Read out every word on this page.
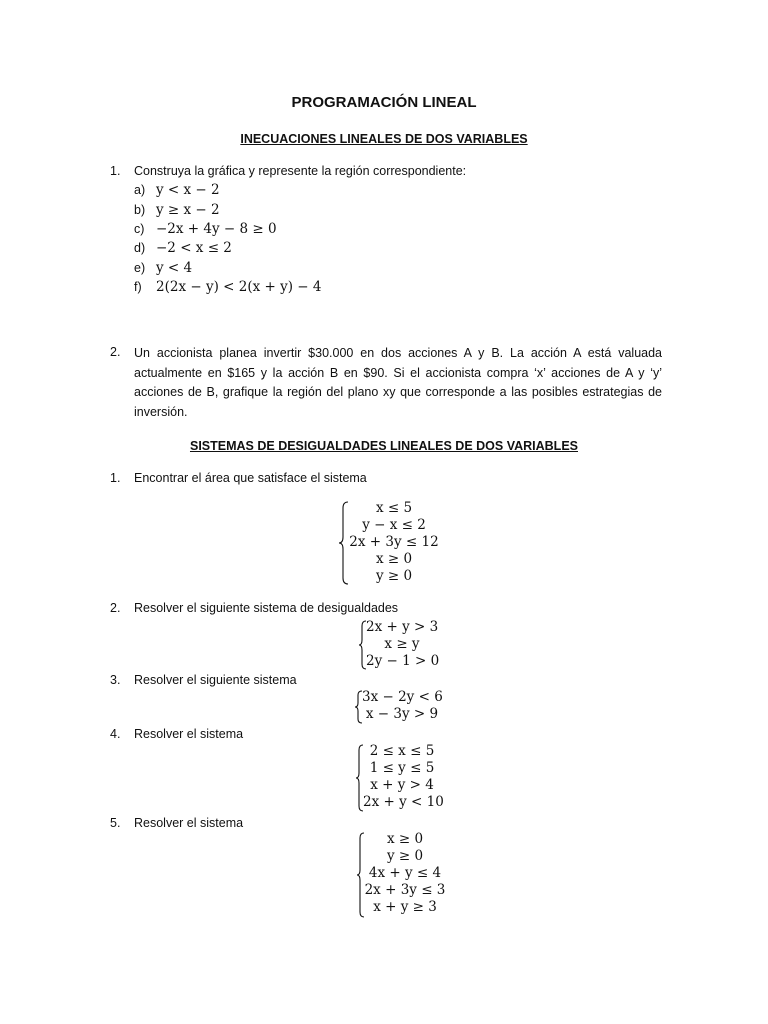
PROGRAMACIÓN LINEAL
INECUACIONES LINEALES DE DOS VARIABLES
1. Construya la gráfica y represente la región correspondiente:
a) y < x − 2
b) y ≥ x − 2
c) −2x + 4y − 8 ≥ 0
d) −2 < x ≤ 2
e) y < 4
f) 2(2x − y) < 2(x + y) − 4
2. Un accionista planea invertir $30.000 en dos acciones A y B. La acción A está valuada actualmente en $165 y la acción B en $90. Si el accionista compra ‘x’ acciones de A y ‘y’ acciones de B, grafique la región del plano xy que corresponde a las posibles estrategias de inversión.
SISTEMAS DE DESIGUALDADES LINEALES DE DOS VARIABLES
1. Encontrar el área que satisface el sistema
x ≤ 5
y − x ≤ 2
2x + 3y ≤ 12
x ≥ 0
y ≥ 0
2. Resolver el siguiente sistema de desigualdades
2x + y > 3
x ≥ y
2y − 1 > 0
3. Resolver el siguiente sistema
3x − 2y < 6
x − 3y > 9
4. Resolver el sistema
2 ≤ x ≤ 5
1 ≤ y ≤ 5
x + y > 4
2x + y < 10
5. Resolver el sistema
x ≥ 0
y ≥ 0
4x + y ≤ 4
2x + 3y ≤ 3
x + y ≥ 3
